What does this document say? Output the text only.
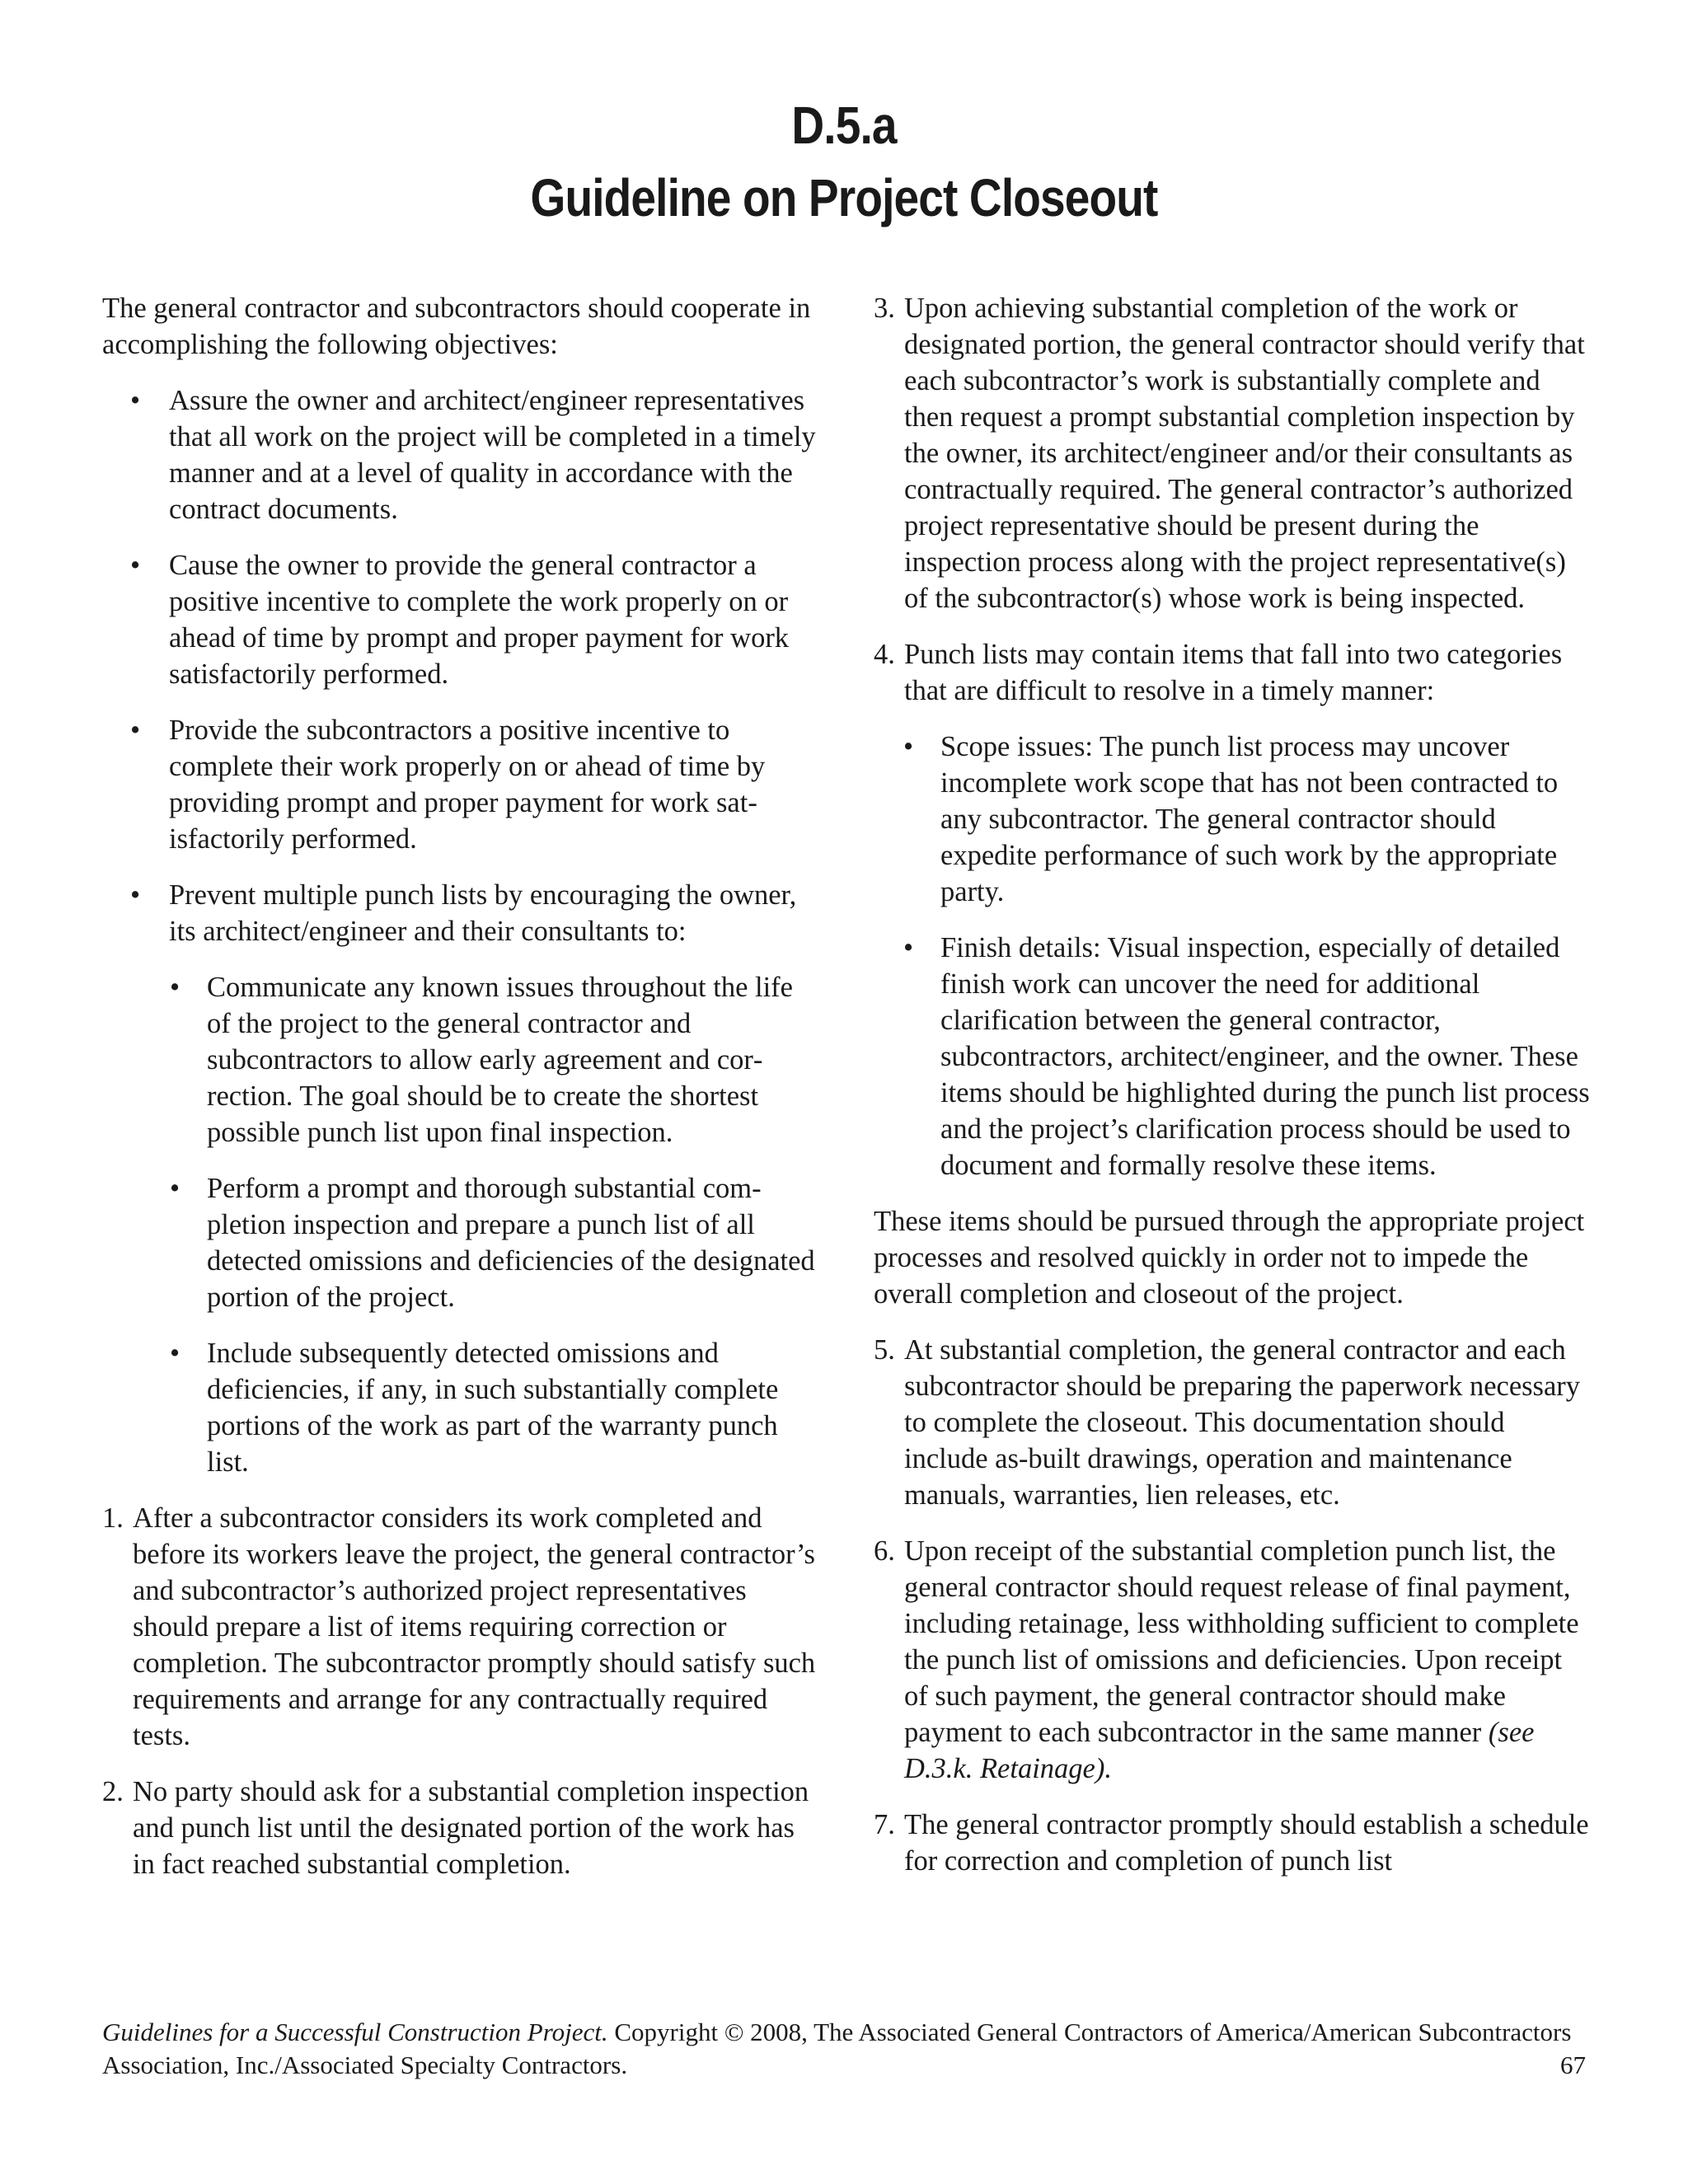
D.5.a
Guideline on Project Closeout

The general contractor and subcontractors should cooperate in accomplishing the following objectives:

• Assure the owner and architect/engineer representatives that all work on the project will be completed in a timely manner and at a level of quality in accordance with the contract documents.
• Cause the owner to provide the general contractor a positive incentive to complete the work properly on or ahead of time by prompt and proper payment for work satisfactorily performed.
• Provide the subcontractors a positive incentive to complete their work properly on or ahead of time by providing prompt and proper payment for work satisfactorily performed.
• Prevent multiple punch lists by encouraging the owner, its architect/engineer and their consultants to:
• Communicate any known issues throughout the life of the project to the general contractor and subcontractors to allow early agreement and correction. The goal should be to create the shortest possible punch list upon final inspection.
• Perform a prompt and thorough substantial completion inspection and prepare a punch list of all detected omissions and deficiencies of the designated portion of the project.
• Include subsequently detected omissions and deficiencies, if any, in such substantially complete portions of the work as part of the warranty punch list.
1. After a subcontractor considers its work completed and before its workers leave the project, the general contractor’s and subcontractor’s authorized project representatives should prepare a list of items requiring correction or completion. The subcontractor promptly should satisfy such requirements and arrange for any contractually required tests.
2. No party should ask for a substantial completion inspection and punch list until the designated portion of the work has in fact reached substantial completion.
3. Upon achieving substantial completion of the work or designated portion, the general contractor should verify that each subcontractor’s work is substantially complete and then request a prompt substantial completion inspection by the owner, its architect/engineer and/or their consultants as contractually required. The general contractor’s authorized project representative should be present during the inspection process along with the project representative(s) of the subcontractor(s) whose work is being inspected.
4. Punch lists may contain items that fall into two categories that are difficult to resolve in a timely manner:
• Scope issues: The punch list process may uncover incomplete work scope that has not been contracted to any subcontractor. The general contractor should expedite performance of such work by the appropriate party.
• Finish details: Visual inspection, especially of detailed finish work can uncover the need for additional clarification between the general contractor, subcontractors, architect/engineer, and the owner. These items should be highlighted during the punch list process and the project’s clarification process should be used to document and formally resolve these items.

These items should be pursued through the appropriate project processes and resolved quickly in order not to impede the overall completion and closeout of the project.

5. At substantial completion, the general contractor and each subcontractor should be preparing the paperwork necessary to complete the closeout. This documentation should include as-built drawings, operation and maintenance manuals, warranties, lien releases, etc.
6. Upon receipt of the substantial completion punch list, the general contractor should request release of final payment, including retainage, less withholding sufficient to complete the punch list of omissions and deficiencies. Upon receipt of such payment, the general contractor should make payment to each subcontractor in the same manner (see D.3.k. Retainage).
7. The general contractor promptly should establish a schedule for correction and completion of punch list
Guidelines for a Successful Construction Project. Copyright © 2008, The Associated General Contractors of America/American Subcontractors Association, Inc./Associated Specialty Contractors.	67
